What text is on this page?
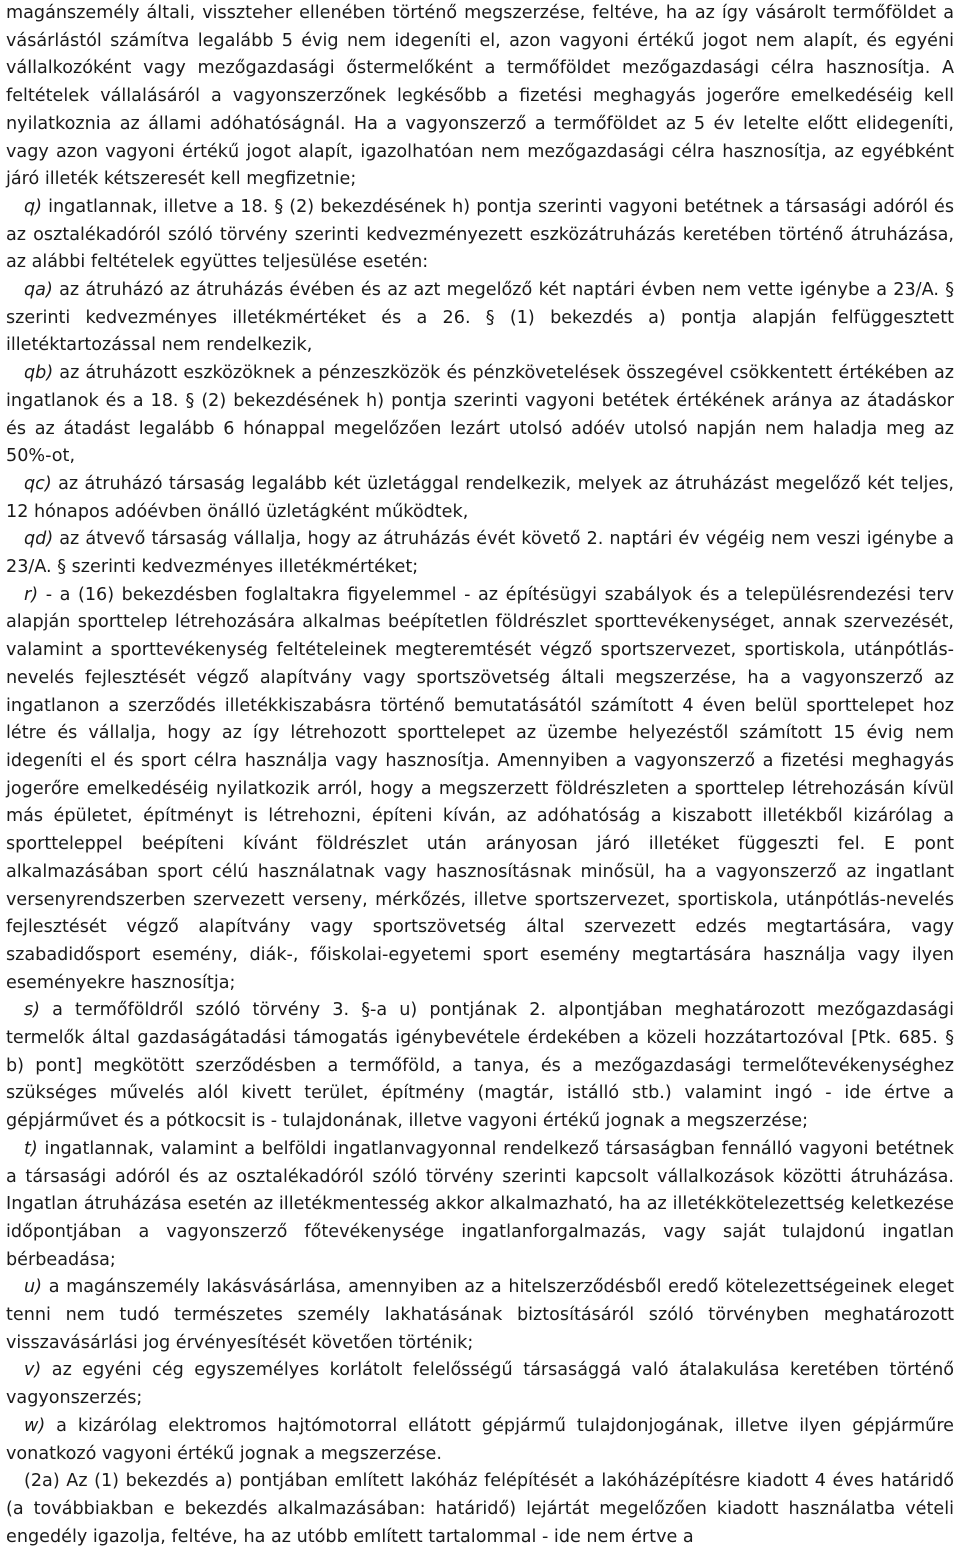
magánszemély általi, visszteher ellenében történő megszerzése, feltéve, ha az így vásárolt termőföldet a vásárlástól számítva legalább 5 évig nem idegeníti el, azon vagyoni értékű jogot nem alapít, és egyéni vállalkozóként vagy mezőgazdasági őstermelőként a termőföldet mezőgazdasági célra hasznosítja. A feltételek vállalásáról a vagyonszerzőnek legkésőbb a fizetési meghagyás jogerőre emelkedéséig kell nyilatkoznia az állami adóhatóságnál. Ha a vagyonszerző a termőföldet az 5 év letelte előtt elidegeníti, vagy azon vagyoni értékű jogot alapít, igazolhatóan nem mezőgazdasági célra hasznosítja, az egyébként járó illeték kétszeresét kell megfizetnie;

q) ingatlannak, illetve a 18. § (2) bekezdésének h) pontja szerinti vagyoni betétnek a társasági adóról és az osztalékadóról szóló törvény szerinti kedvezményezett eszközátruházás keretében történő átruházása, az alábbi feltételek együttes teljesülése esetén:

qa) az átruházó az átruházás évében és az azt megelőző két naptári évben nem vette igénybe a 23/A. § szerinti kedvezményes illetékmértéket és a 26. § (1) bekezdés a) pontja alapján felfüggesztett illetéktartozással nem rendelkezik,

qb) az átruházott eszközöknek a pénzeszközök és pénzkövetelések összegével csökkentett értékében az ingatlanok és a 18. § (2) bekezdésének h) pontja szerinti vagyoni betétek értékének aránya az átadáskor és az átadást legalább 6 hónappal megelőzően lezárt utolsó adóév utolsó napján nem haladja meg az 50%-ot,

qc) az átruházó társaság legalább két üzletággal rendelkezik, melyek az átruházást megelőző két teljes, 12 hónapos adóévben önálló üzletágként működtek,

qd) az átvevő társaság vállalja, hogy az átruházás évét követő 2. naptári év végéig nem veszi igénybe a 23/A. § szerinti kedvezményes illetékmértéket;

r) - a (16) bekezdésben foglaltakra figyelemmel - az építésügyi szabályok és a településrendezési terv alapján sporttelep létrehozására alkalmas beépítetlen földrészlet sporttevékenységet, annak szervezését, valamint a sporttevékenység feltételeinek megteremtését végző sportszervezet, sportiskola, utánpótlás-nevelés fejlesztését végző alapítvány vagy sportszövetség általi megszerzése, ha a vagyonszerző az ingatlanon a szerződés illetékkiszabásra történő bemutatásától számított 4 éven belül sporttelepet hoz létre és vállalja, hogy az így létrehozott sporttelepet az üzembe helyezéstől számított 15 évig nem idegeníti el és sport célra használja vagy hasznosítja. Amennyiben a vagyonszerző a fizetési meghagyás jogerőre emelkedéséig nyilatkozik arról, hogy a megszerzett földrészleten a sporttelep létrehozásán kívül más épületet, építményt is létrehozni, építeni kíván, az adóhatóság a kiszabott illetékből kizárólag a sportteleppel beépíteni kívánt földrészlet után arányosan járó illetéket függeszti fel. E pont alkalmazásában sport célú használatnak vagy hasznosításnak minősül, ha a vagyonszerző az ingatlant versenyrendszerben szervezett verseny, mérkőzés, illetve sportszervezet, sportiskola, utánpótlás-nevelés fejlesztését végző alapítvány vagy sportszövetség által szervezett edzés megtartására, vagy szabadidősport esemény, diák-, főiskolai-egyetemi sport esemény megtartására használja vagy ilyen eseményekre hasznosítja;

s) a termőföldről szóló törvény 3. §-a u) pontjának 2. alpontjában meghatározott mezőgazdasági termelők által gazdaságátadási támogatás igénybevétele érdekében a közeli hozzátartozóval [Ptk. 685. § b) pont] megkötött szerződésben a termőföld, a tanya, és a mezőgazdasági termelőtevékenységhez szükséges művelés alól kivett terület, építmény (magtár, istálló stb.) valamint ingó - ide értve a gépjárművet és a pótkocsit is - tulajdonának, illetve vagyoni értékű jognak a megszerzése;

t) ingatlannak, valamint a belföldi ingatlanvagyonnal rendelkező társaságban fennálló vagyoni betétnek a társasági adóról és az osztalékadóról szóló törvény szerinti kapcsolt vállalkozások közötti átruházása. Ingatlan átruházása esetén az illetékmentesség akkor alkalmazható, ha az illetékkötelezettség keletkezése időpontjában a vagyonszerző főtevékenysége ingatlanforgalmazás, vagy saját tulajdonú ingatlan bérbeadása;

u) a magánszemély lakásvásárlása, amennyiben az a hitelszerződésből eredő kötelezettségeinek eleget tenni nem tudó természetes személy lakhatásának biztosításáról szóló törvényben meghatározott visszavásárlási jog érvényesítését követően történik;

v) az egyéni cég egyszemélyes korlátolt felelősségű társasággá való átalakulása keretében történő vagyonszerzés;

w) a kizárólag elektromos hajtómotorral ellátott gépjármű tulajdonjogának, illetve ilyen gépjárműre vonatkozó vagyoni értékű jognak a megszerzése.

(2a) Az (1) bekezdés a) pontjában említett lakóház felépítését a lakóházépítésre kiadott 4 éves határidő (a továbbiakban e bekezdés alkalmazásában: határidő) lejártát megelőzően kiadott használatba vételi engedély igazolja, feltéve, ha az utóbb említett tartalommal - ide nem értve a
